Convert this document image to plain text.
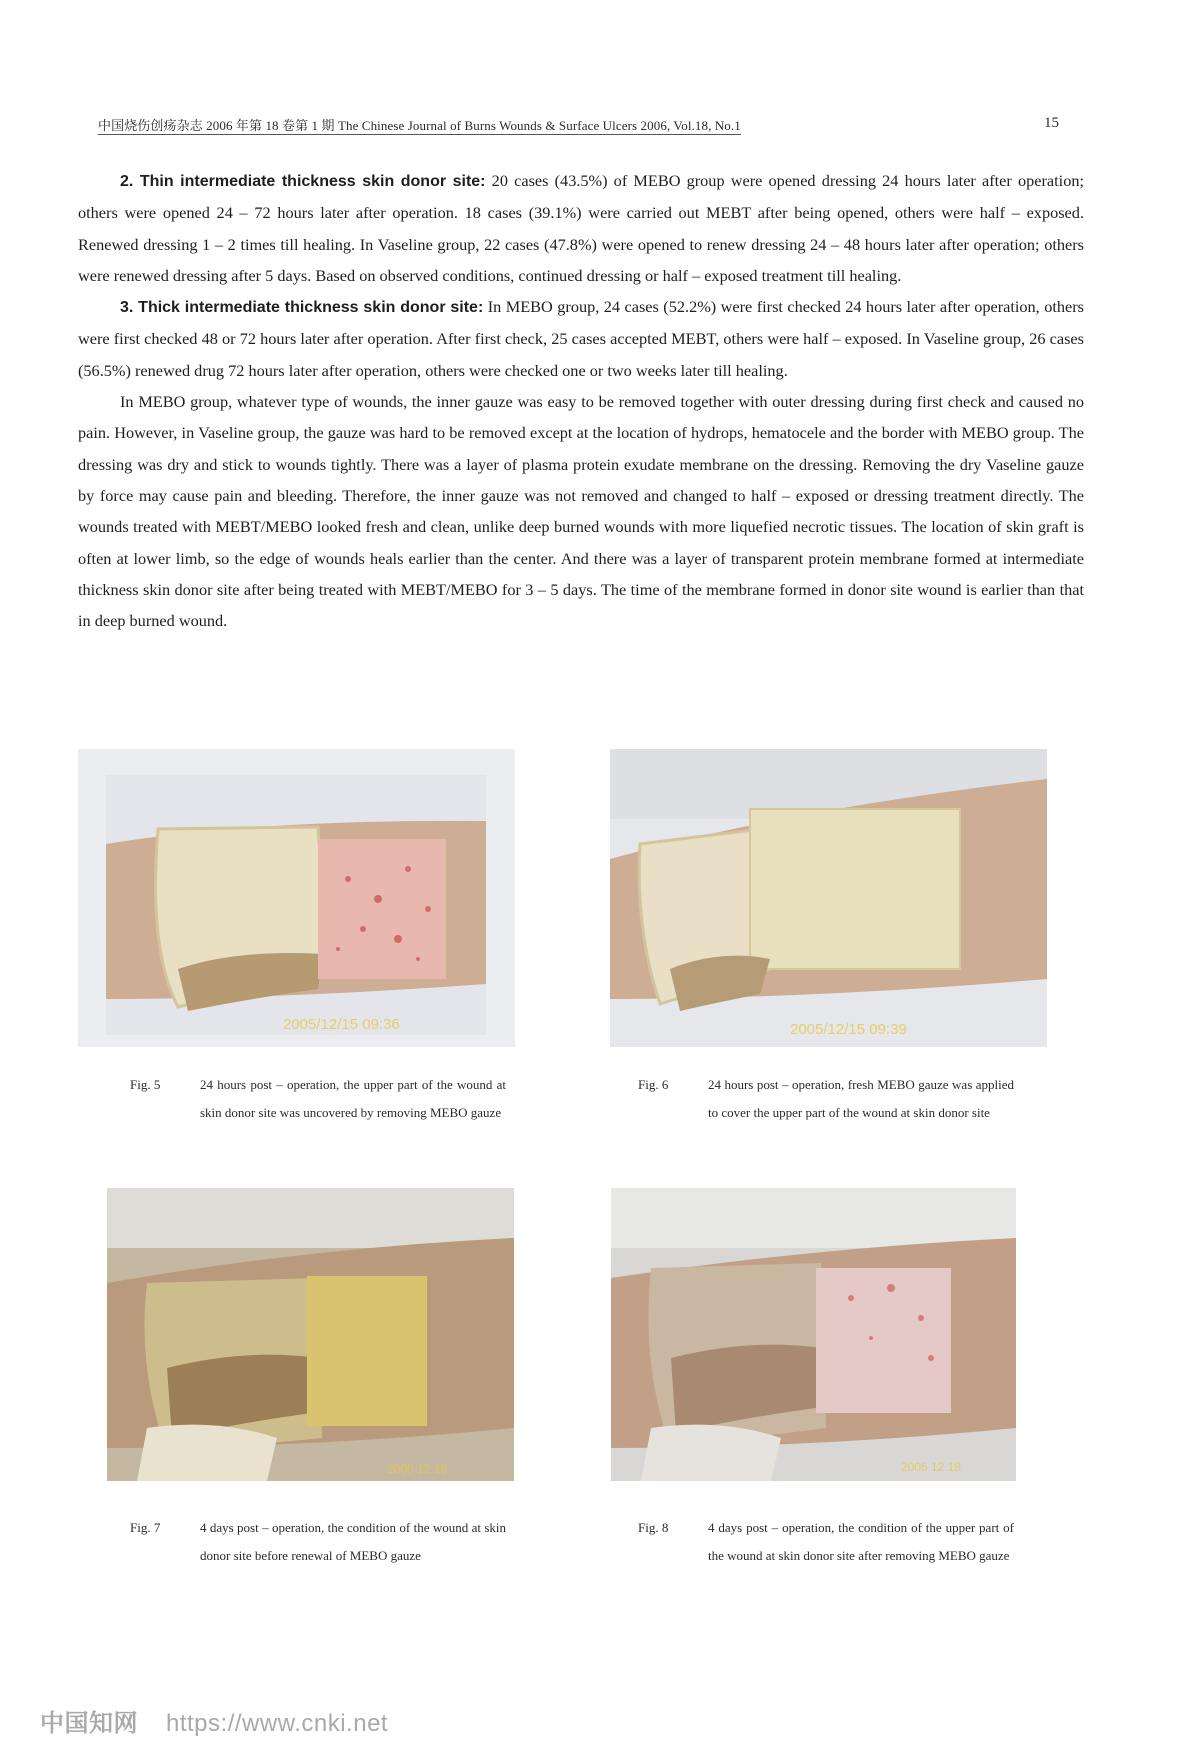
中国烧伤创疡杂志 2006 年第 18 卷第 1 期 The Chinese Journal of Burns Wounds & Surface Ulcers 2006, Vol.18, No.1	15

2. Thin intermediate thickness skin donor site: 20 cases (43.5%) of MEBO group were opened dressing 24 hours later after operation; others were opened 24 – 72 hours later after operation. 18 cases (39.1%) were carried out MEBT after being opened, others were half – exposed. Renewed dressing 1 – 2 times till healing. In Vaseline group, 22 cases (47.8%) were opened to renew dressing 24 – 48 hours later after operation; others were renewed dressing after 5 days. Based on observed conditions, continued dressing or half – exposed treatment till healing.

3. Thick intermediate thickness skin donor site: In MEBO group, 24 cases (52.2%) were first checked 24 hours later after operation, others were first checked 48 or 72 hours later after operation. After first check, 25 cases accepted MEBT, others were half – exposed. In Vaseline group, 26 cases (56.5%) renewed drug 72 hours later after operation, others were checked one or two weeks later till healing.

In MEBO group, whatever type of wounds, the inner gauze was easy to be removed together with outer dressing during first check and caused no pain. However, in Vaseline group, the gauze was hard to be removed except at the location of hydrops, hematocele and the border with MEBO group. The dressing was dry and stick to wounds tightly. There was a layer of plasma protein exudate membrane on the dressing. Removing the dry Vaseline gauze by force may cause pain and bleeding. Therefore, the inner gauze was not removed and changed to half – exposed or dressing treatment directly. The wounds treated with MEBT/MEBO looked fresh and clean, unlike deep burned wounds with more liquefied necrotic tissues. The location of skin graft is often at lower limb, so the edge of wounds heals earlier than the center. And there was a layer of transparent protein membrane formed at intermediate thickness skin donor site after being treated with MEBT/MEBO for 3 – 5 days. The time of the membrane formed in donor site wound is earlier than that in deep burned wound.

2005/12/15 09:36
Fig. 5	24 hours post – operation, the upper part of the wound at skin donor site was uncovered by removing MEBO gauze
2005/12/15 09:39
Fig. 6	24 hours post – operation, fresh MEBO gauze was applied to cover the upper part of the wound at skin donor site
2005 12 18
Fig. 7	4 days post – operation, the condition of the wound at skin donor site before renewal of MEBO gauze
2005 12 18
Fig. 8	4 days post – operation, the condition of the upper part of the wound at skin donor site after removing MEBO gauze
中国知网 https://www.cnki.net
